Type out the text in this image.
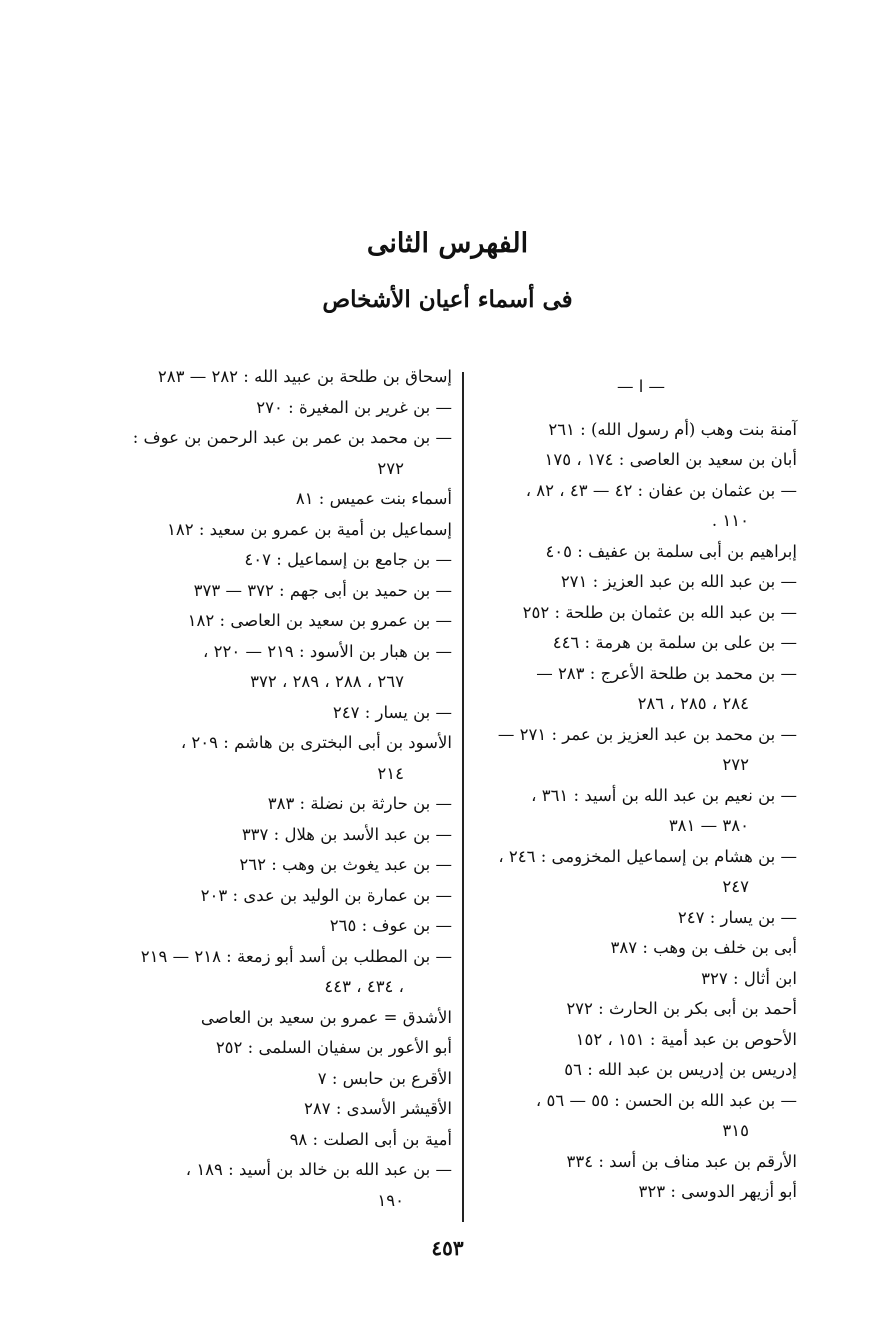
الفهرس الثانى
فى أسماء أعيان الأشخاص
— ا —
آمنة بنت وهب (أم رسول الله) : ٢٦١
أبان بن سعيد بن العاصى : ١٧٤ ، ١٧٥
— بن عثمان بن عفان : ٤٢ — ٤٣ ، ٨٢ ،
١١٠ .
إبراهيم بن أبى سلمة بن عفيف : ٤٠٥
— بن عبد الله بن عبد العزيز : ٢٧١
— بن عبد الله بن عثمان بن طلحة : ٢٥٢
— بن على بن سلمة بن هرمة : ٤٤٦
— بن محمد بن طلحة الأعرج : ٢٨٣ —
٢٨٤ ، ٢٨٥ ، ٢٨٦
— بن محمد بن عبد العزيز بن عمر : ٢٧١ —
٢٧٢
— بن نعيم بن عبد الله بن أسيد : ٣٦١ ،
٣٨٠ — ٣٨١
— بن هشام بن إسماعيل المخزومى : ٢٤٦ ،
٢٤٧
— بن يسار : ٢٤٧
أبى بن خلف بن وهب : ٣٨٧
ابن أثال : ٣٢٧
أحمد بن أبى بكر بن الحارث : ٢٧٢
الأحوص بن عبد أمية : ١٥١ ، ١٥٢
إدريس بن إدريس بن عبد الله : ٥٦
— بن عبد الله بن الحسن : ٥٥ — ٥٦ ،
٣١٥
الأرقم بن عبد مناف بن أسد : ٣٣٤
أبو أزيهر الدوسى : ٣٢٣
إسحاق بن طلحة بن عبيد الله : ٢٨٢ — ٢٨٣
— بن غرير بن المغيرة : ٢٧٠
— بن محمد بن عمر بن عبد الرحمن بن عوف :
٢٧٢
أسماء بنت عميس : ٨١
إسماعيل بن أمية بن عمرو بن سعيد : ١٨٢
— بن جامع بن إسماعيل : ٤٠٧
— بن حميد بن أبى جهم : ٣٧٢ — ٣٧٣
— بن عمرو بن سعيد بن العاصى : ١٨٢
— بن هبار بن الأسود : ٢١٩ — ٢٢٠ ،
٢٦٧ ، ٢٨٨ ، ٢٨٩ ، ٣٧٢
— بن يسار : ٢٤٧
الأسود بن أبى البخترى بن هاشم : ٢٠٩ ،
٢١٤
— بن حارثة بن نضلة : ٣٨٣
— بن عبد الأسد بن هلال : ٣٣٧
— بن عبد يغوث بن وهب : ٢٦٢
— بن عمارة بن الوليد بن عدى : ٢٠٣
— بن عوف : ٢٦٥
— بن المطلب بن أسد أبو زمعة : ٢١٨ — ٢١٩
، ٤٣٤ ، ٤٤٣
الأشدق = عمرو بن سعيد بن العاصى
أبو الأعور بن سفيان السلمى : ٢٥٢
الأقرع بن حابس : ٧
الأقيشر الأسدى : ٢٨٧
أمية بن أبى الصلت : ٩٨
— بن عبد الله بن خالد بن أسيد : ١٨٩ ،
١٩٠
٤٥٣
